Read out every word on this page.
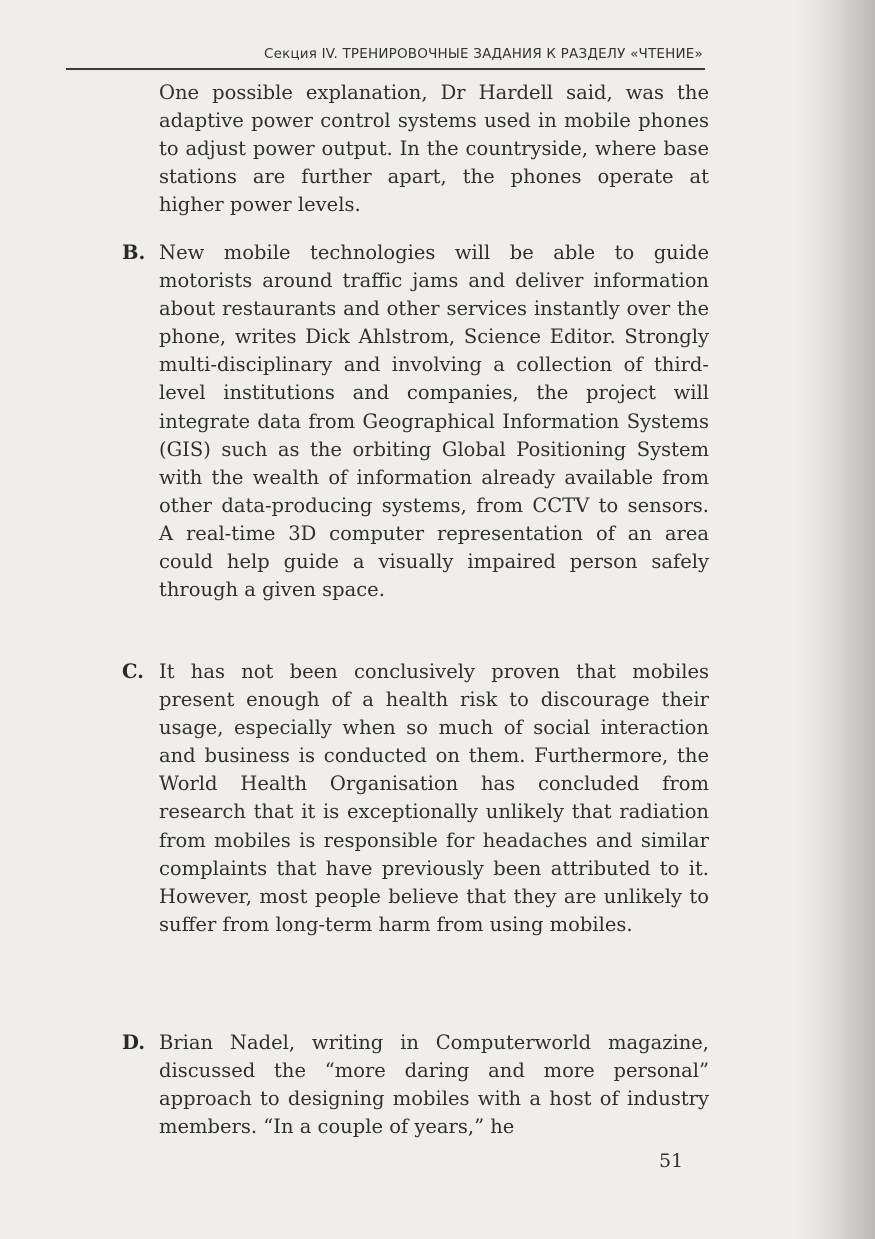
Секция IV. ТРЕНИРОВОЧНЫЕ ЗАДАНИЯ К РАЗДЕЛУ «ЧТЕНИЕ»

One possible explanation, Dr Hardell said, was the adaptive power control systems used in mobile phones to adjust power output. In the countryside, where base stations are further apart, the phones operate at higher power levels.

B. New mobile technologies will be able to guide motorists around traffic jams and deliver information about restaurants and other services instantly over the phone, writes Dick Ahlstrom, Science Editor. Strongly multi-disciplinary and involving a collection of third-level institutions and companies, the project will integrate data from Geographical Information Systems (GIS) such as the orbiting Global Positioning System with the wealth of information already available from other data-producing systems, from CCTV to sensors. A real-time 3D computer representation of an area could help guide a visually impaired person safely through a given space.

C. It has not been conclusively proven that mobiles present enough of a health risk to discourage their usage, especially when so much of social interaction and business is conducted on them. Furthermore, the World Health Organisation has concluded from research that it is exceptionally unlikely that radiation from mobiles is responsible for headaches and similar complaints that have previously been attributed to it. However, most people believe that they are unlikely to suffer from long-term harm from using mobiles.

D. Brian Nadel, writing in Computerworld magazine, discussed the “more daring and more personal” approach to designing mobiles with a host of industry members. “In a couple of years,” he

51
